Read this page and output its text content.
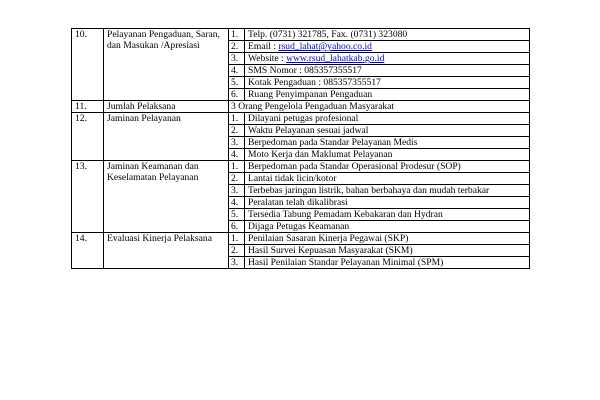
10.	Pelayanan Pengaduan, Saran, dan Masukan /Apresiasi	1.	Telp. (0731) 321785, Fax. (0731) 323080
		2.	Email : rsud_lahat@yahoo.co.id
		3.	Website : www.rsud_lahatkab.go.id
		4.	SMS Nomor : 085357355517
		5.	Kotak Pengaduan : 085357355517
		6.	Ruang Penyimpanan Pengaduan
11.	Jumlah Pelaksana	3 Orang Pengelola Pengaduan Masyarakat	
12.	Jaminan Pelayanan	1.	Dilayani petugas profesional
		2.	Waktu Pelayanan sesuai jadwal
		3.	Berpedoman pada Standar Pelayanan Medis
		4.	Moto Kerja dan Maklumat Pelayanan
13.	Jaminan Keamanan dan Keselamatan Pelayanan	1.	Berpedoman pada Standar Operasional Prodesur (SOP)

		2.	Lantai tidak licin/kotor
		3.	Terbebas jaringan listrik, bahan berbahaya dan mudah terbakar

		4.	Peralatan telah dikalibrasi
		5.	Tersedia Tabung Pemadam Kebakaran dan Hydran
		6.	Dijaga Petugas Keamanan
14.	Evaluasi Kinerja Pelaksana	1.	Penilaian Sasaran Kinerja Pegawai (SKP)
		2.	Hasil Survei Kepuasan Masyarakat (SKM)
		3.	Hasil Penilaian Standar Pelayanan Minimal (SPM)
